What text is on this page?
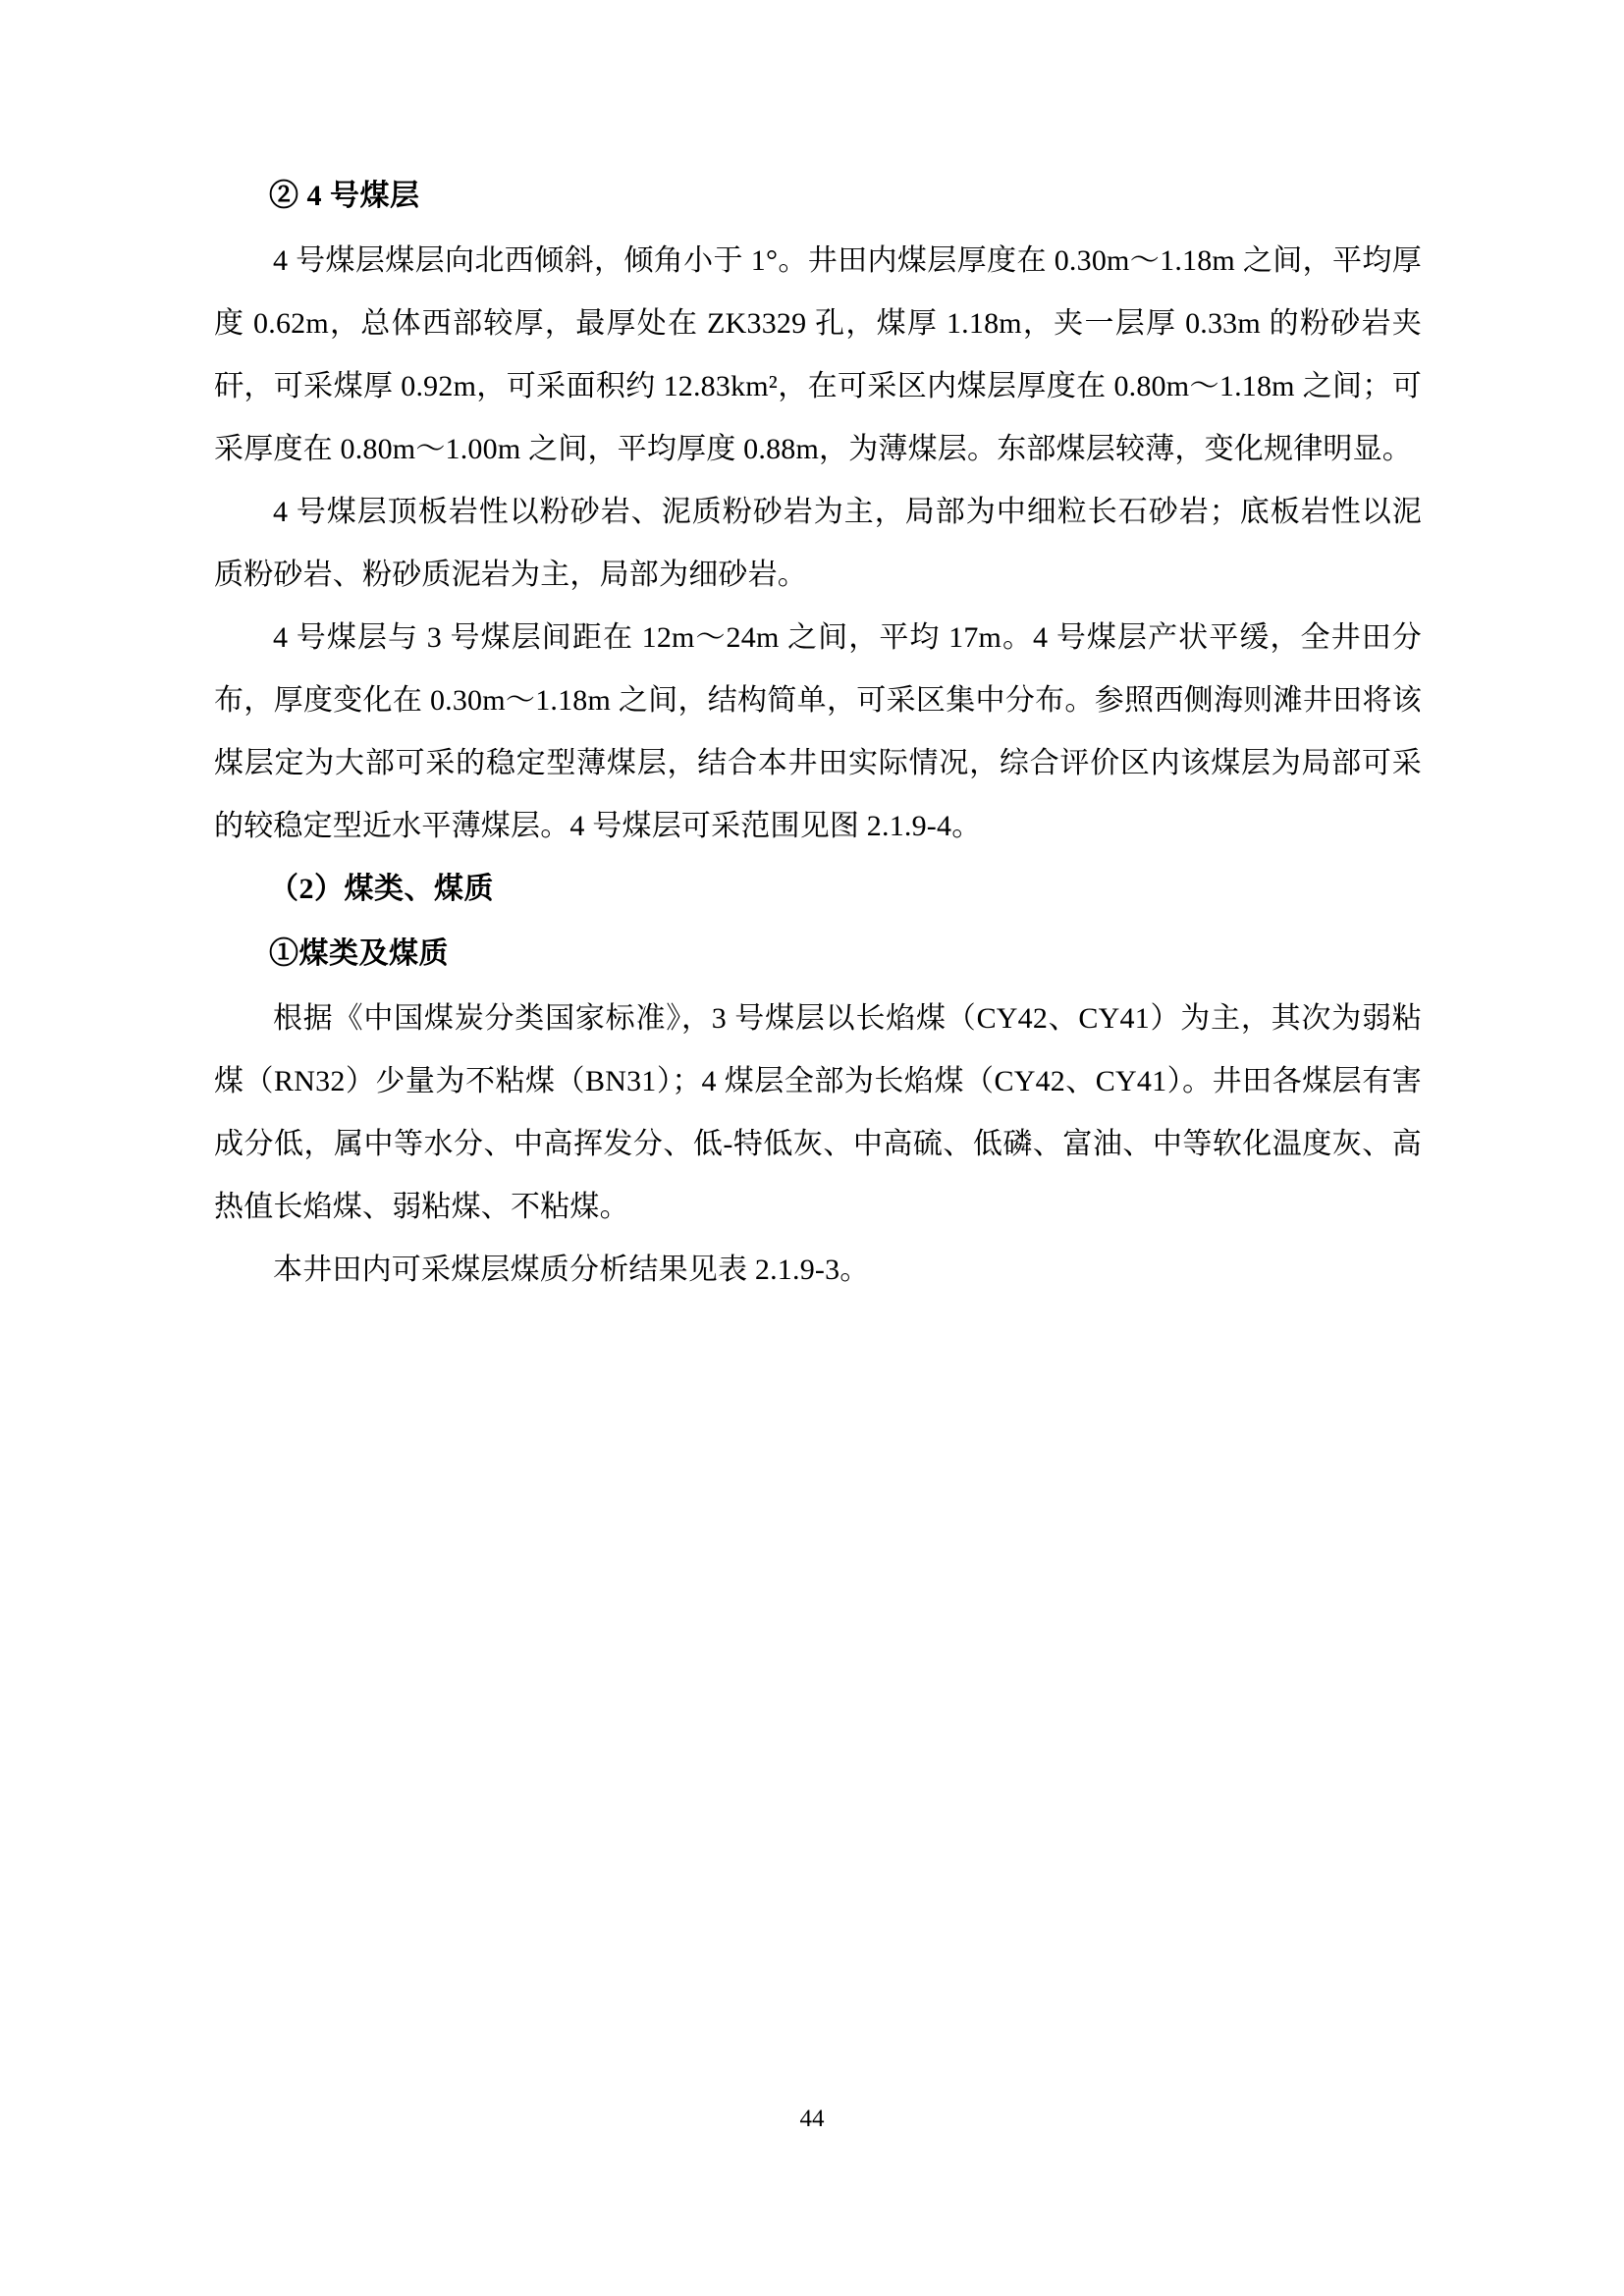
② 4 号煤层

4 号煤层煤层向北西倾斜，倾角小于 1°。井田内煤层厚度在 0.30m～1.18m 之间，平均厚度 0.62m，总体西部较厚，最厚处在 ZK3329 孔，煤厚 1.18m，夹一层厚 0.33m 的粉砂岩夹矸，可采煤厚 0.92m，可采面积约 12.83km²，在可采区内煤层厚度在 0.80m～1.18m 之间；可采厚度在 0.80m～1.00m 之间，平均厚度 0.88m，为薄煤层。东部煤层较薄，变化规律明显。

4 号煤层顶板岩性以粉砂岩、泥质粉砂岩为主，局部为中细粒长石砂岩；底板岩性以泥质粉砂岩、粉砂质泥岩为主，局部为细砂岩。

4 号煤层与 3 号煤层间距在 12m～24m 之间，平均 17m。4 号煤层产状平缓，全井田分布，厚度变化在 0.30m～1.18m 之间，结构简单，可采区集中分布。参照西侧海则滩井田将该煤层定为大部可采的稳定型薄煤层，结合本井田实际情况，综合评价区内该煤层为局部可采的较稳定型近水平薄煤层。4 号煤层可采范围见图 2.1.9-4。

（2）煤类、煤质
①煤类及煤质

根据《中国煤炭分类国家标准》，3 号煤层以长焰煤（CY42、CY41）为主，其次为弱粘煤（RN32）少量为不粘煤（BN31）；4 煤层全部为长焰煤（CY42、CY41）。井田各煤层有害成分低，属中等水分、中高挥发分、低-特低灰、中高硫、低磷、富油、中等软化温度灰、高热值长焰煤、弱粘煤、不粘煤。

本井田内可采煤层煤质分析结果见表 2.1.9-3。

44
